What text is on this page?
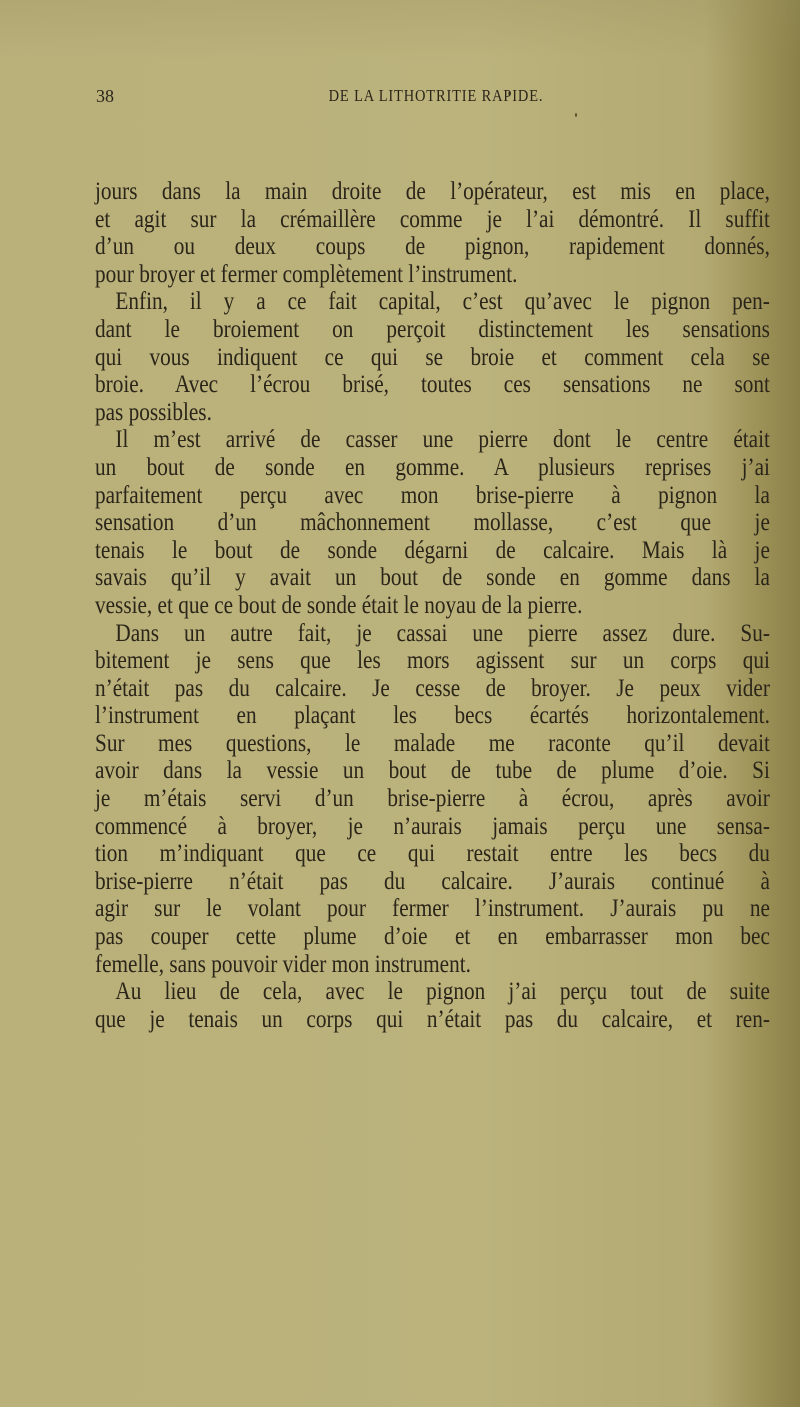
38	DE LA LITHOTRITIE RAPIDE.
jours dans la main droite de l’opérateur, est mis en place,
et agit sur la crémaillère comme je l’ai démontré. Il suffit
d’un ou deux coups de pignon, rapidement donnés,
pour broyer et fermer complètement l’instrument.
Enfin, il y a ce fait capital, c’est qu’avec le pignon pen-
dant le broiement on perçoit distinctement les sensations
qui vous indiquent ce qui se broie et comment cela se
broie. Avec l’écrou brisé, toutes ces sensations ne sont
pas possibles.
Il m’est arrivé de casser une pierre dont le centre était
un bout de sonde en gomme. A plusieurs reprises j’ai
parfaitement perçu avec mon brise-pierre à pignon la
sensation d’un mâchonnement mollasse, c’est que je
tenais le bout de sonde dégarni de calcaire. Mais là je
savais qu’il y avait un bout de sonde en gomme dans la
vessie, et que ce bout de sonde était le noyau de la pierre.
Dans un autre fait, je cassai une pierre assez dure. Su-
bitement je sens que les mors agissent sur un corps qui
n’était pas du calcaire. Je cesse de broyer. Je peux vider
l’instrument en plaçant les becs écartés horizontalement.
Sur mes questions, le malade me raconte qu’il devait
avoir dans la vessie un bout de tube de plume d’oie. Si
je m’étais servi d’un brise-pierre à écrou, après avoir
commencé à broyer, je n’aurais jamais perçu une sensa-
tion m’indiquant que ce qui restait entre les becs du
brise-pierre n’était pas du calcaire. J’aurais continué à
agir sur le volant pour fermer l’instrument. J’aurais pu ne
pas couper cette plume d’oie et en embarrasser mon bec
femelle, sans pouvoir vider mon instrument.
Au lieu de cela, avec le pignon j’ai perçu tout de suite
que je tenais un corps qui n’était pas du calcaire, et ren-
